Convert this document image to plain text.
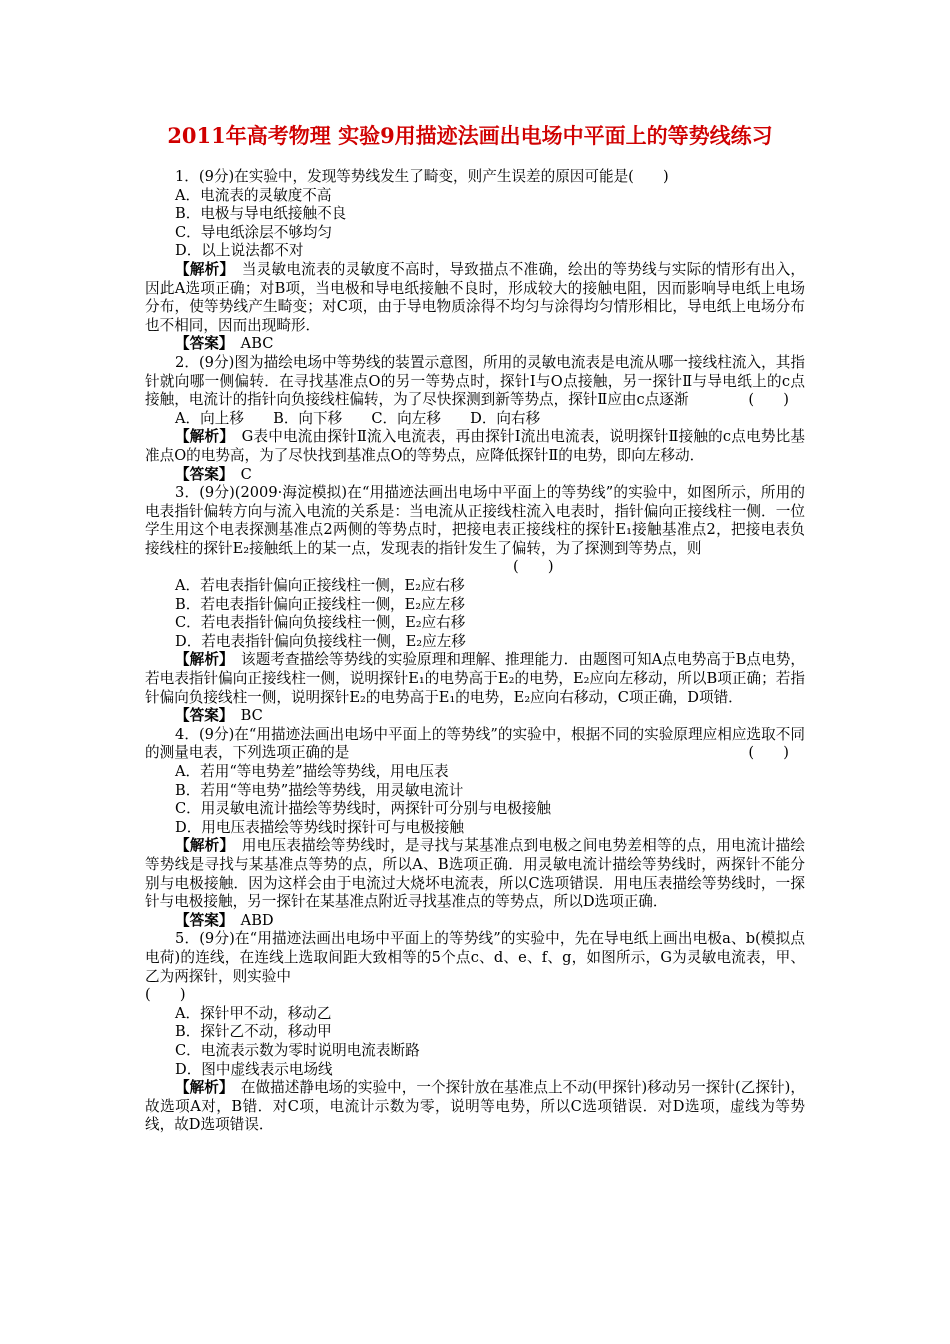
2011年高考物理 实验9用描迹法画出电场中平面上的等势线练习

1．(9分)在实验中，发现等势线发生了畸变，则产生误差的原因可能是(　　)

A．电流表的灵敏度不高

B．电极与导电纸接触不良

C．导电纸涂层不够均匀

D．以上说法都不对

【解析】　当灵敏电流表的灵敏度不高时，导致描点不准确，绘出的等势线与实际的情形有出入，因此A选项正确；对B项，当电极和导电纸接触不良时，形成较大的接触电阻，因而影响导电纸上电场分布，使等势线产生畸变；对C项，由于导电物质涂得不均匀与涂得均匀情形相比，导电纸上电场分布也不相同，因而出现畸形．

【答案】　ABC

2．(9分)图为描绘电场中等势线的装置示意图，所用的灵敏电流表是电流从哪一接线柱流入，其指针就向哪一侧偏转．在寻找基准点O的另一等势点时，探针Ⅰ与O点接触，另一探针Ⅱ与导电纸上的c点接触，电流计的指针向负接线柱偏转，为了尽快探测到新等势点，探针Ⅱ应由c点逐渐	(　　)

A．向上移　　B．向下移　　C．向左移　　D．向右移

【解析】　G表中电流由探针Ⅱ流入电流表，再由探针Ⅰ流出电流表，说明探针Ⅱ接触的c点电势比基准点O的电势高，为了尽快找到基准点O的等势点，应降低探针Ⅱ的电势，即向左移动．

【答案】　C

3．(9分)(2009·海淀模拟)在“用描迹法画出电场中平面上的等势线”的实验中，如图所示，所用的电表指针偏转方向与流入电流的关系是：当电流从正接线柱流入电表时，指针偏向正接线柱一侧．一位学生用这个电表探测基准点2两侧的等势点时，把接电表正接线柱的探针E₁接触基准点2，把接电表负接线柱的探针E₂接触纸上的某一点，发现表的指针发生了偏转，为了探测到等势点，则

(　　)

A．若电表指针偏向正接线柱一侧，E₂应右移

B．若电表指针偏向正接线柱一侧，E₂应左移

C．若电表指针偏向负接线柱一侧，E₂应右移

D．若电表指针偏向负接线柱一侧，E₂应左移

【解析】　该题考查描绘等势线的实验原理和理解、推理能力．由题图可知A点电势高于B点电势，若电表指针偏向正接线柱一侧，说明探针E₁的电势高于E₂的电势，E₂应向左移动，所以B项正确；若指针偏向负接线柱一侧，说明探针E₂的电势高于E₁的电势，E₂应向右移动，C项正确，D项错．

【答案】　BC

4．(9分)在“用描迹法画出电场中平面上的等势线”的实验中，根据不同的实验原理应相应选取不同的测量电表，下列选项正确的是	(　　)

A．若用“等电势差”描绘等势线，用电压表

B．若用“等电势”描绘等势线，用灵敏电流计

C．用灵敏电流计描绘等势线时，两探针可分别与电极接触

D．用电压表描绘等势线时探针可与电极接触

【解析】　用电压表描绘等势线时，是寻找与某基准点到电极之间电势差相等的点，用电流计描绘等势线是寻找与某基准点等势的点，所以A、B选项正确．用灵敏电流计描绘等势线时，两探针不能分别与电极接触．因为这样会由于电流过大烧坏电流表，所以C选项错误．用电压表描绘等势线时，一探针与电极接触，另一探针在某基准点附近寻找基准点的等势点，所以D选项正确．

【答案】　ABD

5．(9分)在“用描迹法画出电场中平面上的等势线”的实验中，先在导电纸上画出电极a、b(模拟点电荷)的连线，在连线上选取间距大致相等的5个点c、d、e、f、g，如图所示，G为灵敏电流表，甲、乙为两探针，则实验中

(　　)

A．探针甲不动，移动乙

B．探针乙不动，移动甲

C．电流表示数为零时说明电流表断路

D．图中虚线表示电场线

【解析】　在做描述静电场的实验中，一个探针放在基准点上不动(甲探针)移动另一探针(乙探针)，故选项A对，B错．对C项，电流计示数为零，说明等电势，所以C选项错误．对D选项，虚线为等势线，故D选项错误．
